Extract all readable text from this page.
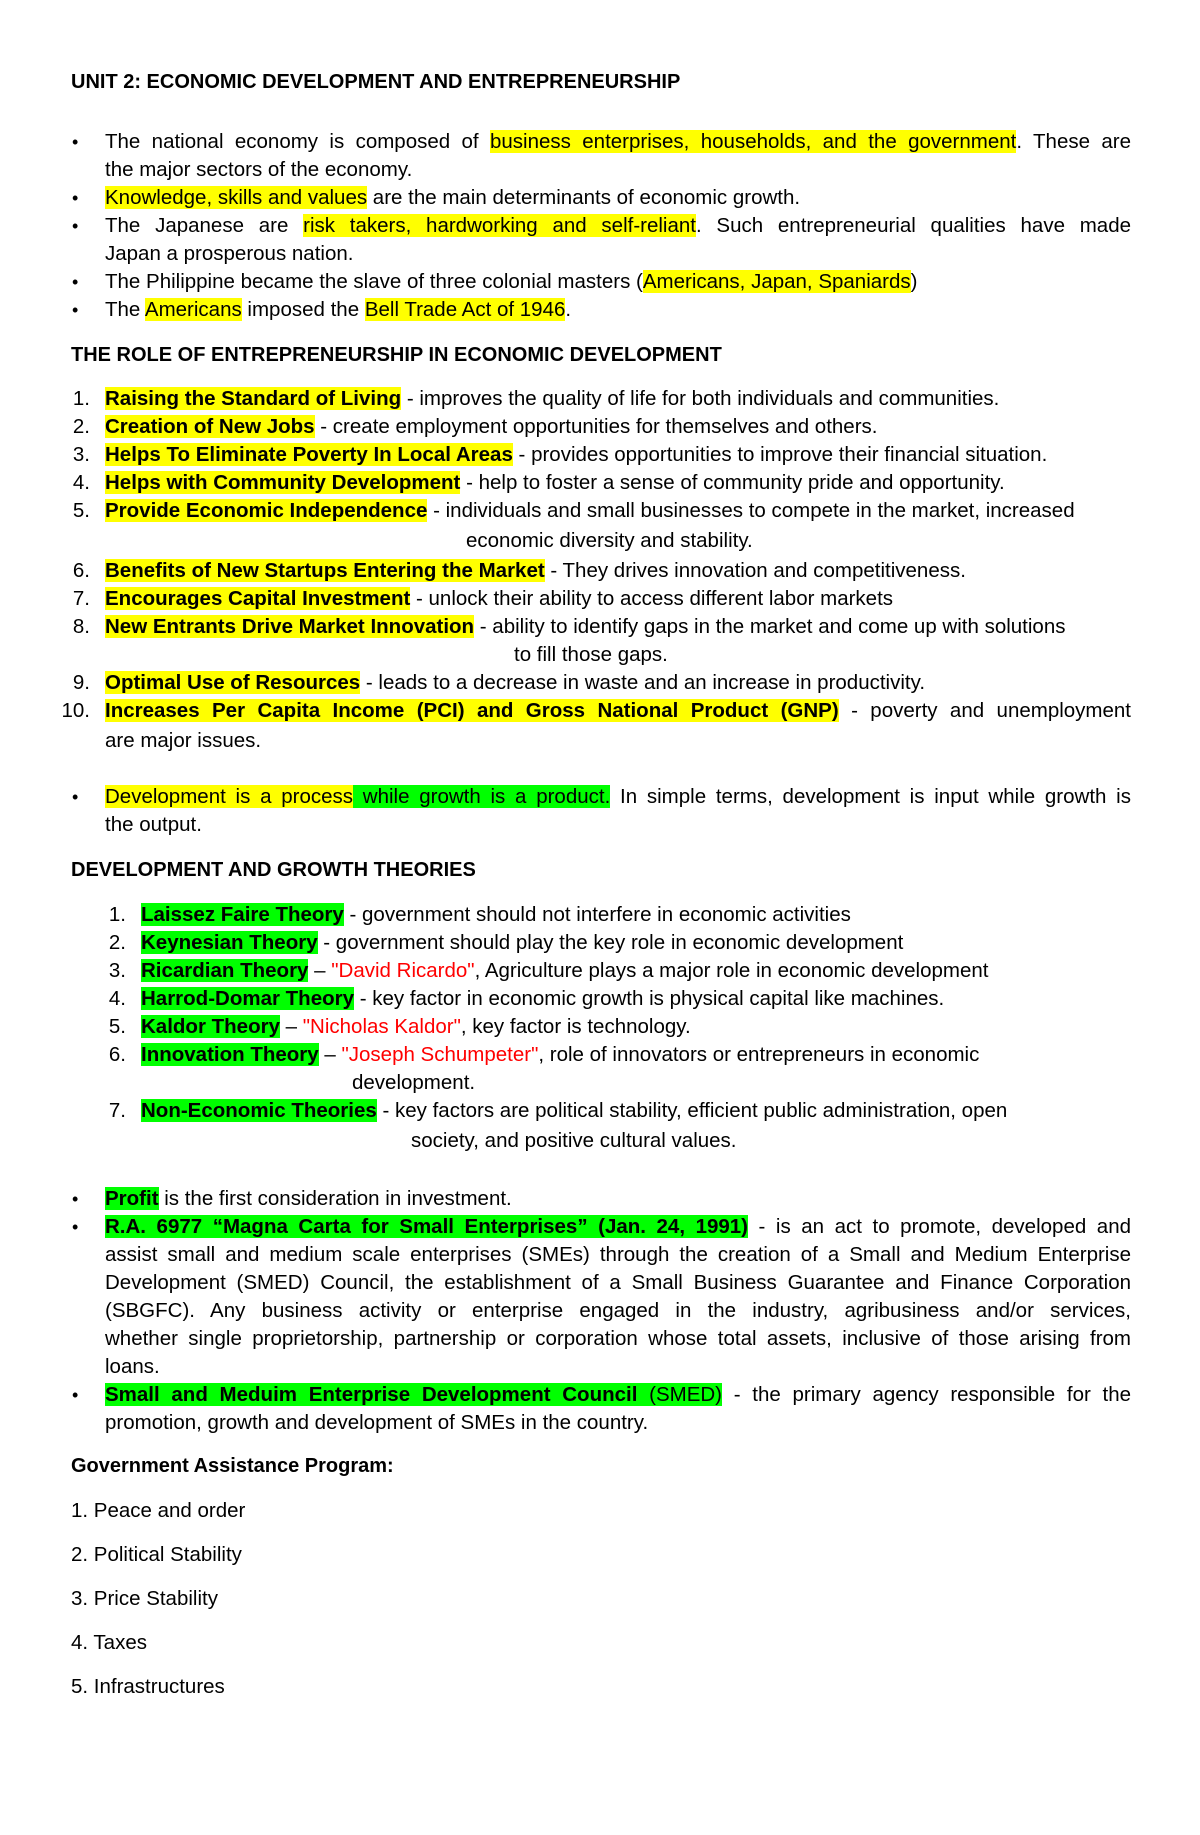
UNIT 2: ECONOMIC DEVELOPMENT AND ENTREPRENEURSHIP
• The national economy is composed of business enterprises, households, and the government. These are
the major sectors of the economy.
• Knowledge, skills and values are the main determinants of economic growth.
• The Japanese are risk takers, hardworking and self-reliant. Such entrepreneurial qualities have made
Japan a prosperous nation.
• The Philippine became the slave of three colonial masters (Americans, Japan, Spaniards)
• The Americans imposed the Bell Trade Act of 1946.
THE ROLE OF ENTREPRENEURSHIP IN ECONOMIC DEVELOPMENT
1. Raising the Standard of Living - improves the quality of life for both individuals and communities.
2. Creation of New Jobs - create employment opportunities for themselves and others.
3. Helps To Eliminate Poverty In Local Areas - provides opportunities to improve their financial situation.
4. Helps with Community Development - help to foster a sense of community pride and opportunity.
5. Provide Economic Independence - individuals and small businesses to compete in the market, increased
economic diversity and stability.
6. Benefits of New Startups Entering the Market - They drives innovation and competitiveness.
7. Encourages Capital Investment - unlock their ability to access different labor markets
8. New Entrants Drive Market Innovation - ability to identify gaps in the market and come up with solutions
to fill those gaps.
9. Optimal Use of Resources - leads to a decrease in waste and an increase in productivity.
10. Increases Per Capita Income (PCI) and Gross National Product (GNP) - poverty and unemployment
are major issues.
• Development is a process while growth is a product. In simple terms, development is input while growth is
the output.
DEVELOPMENT AND GROWTH THEORIES
1. Laissez Faire Theory - government should not interfere in economic activities
2. Keynesian Theory - government should play the key role in economic development
3. Ricardian Theory – "David Ricardo", Agriculture plays a major role in economic development
4. Harrod-Domar Theory - key factor in economic growth is physical capital like machines.
5. Kaldor Theory – "Nicholas Kaldor", key factor is technology.
6. Innovation Theory – "Joseph Schumpeter", role of innovators or entrepreneurs in economic
development.
7. Non-Economic Theories - key factors are political stability, efficient public administration, open
society, and positive cultural values.
• Profit is the first consideration in investment.
• R.A. 6977 “Magna Carta for Small Enterprises” (Jan. 24, 1991) - is an act to promote, developed and
assist small and medium scale enterprises (SMEs) through the creation of a Small and Medium Enterprise
Development (SMED) Council, the establishment of a Small Business Guarantee and Finance Corporation
(SBGFC). Any business activity or enterprise engaged in the industry, agribusiness and/or services,
whether single proprietorship, partnership or corporation whose total assets, inclusive of those arising from
loans.
• Small and Meduim Enterprise Development Council (SMED) - the primary agency responsible for the
promotion, growth and development of SMEs in the country.
Government Assistance Program:
1. Peace and order
2. Political Stability
3. Price Stability
4. Taxes
5. Infrastructures
